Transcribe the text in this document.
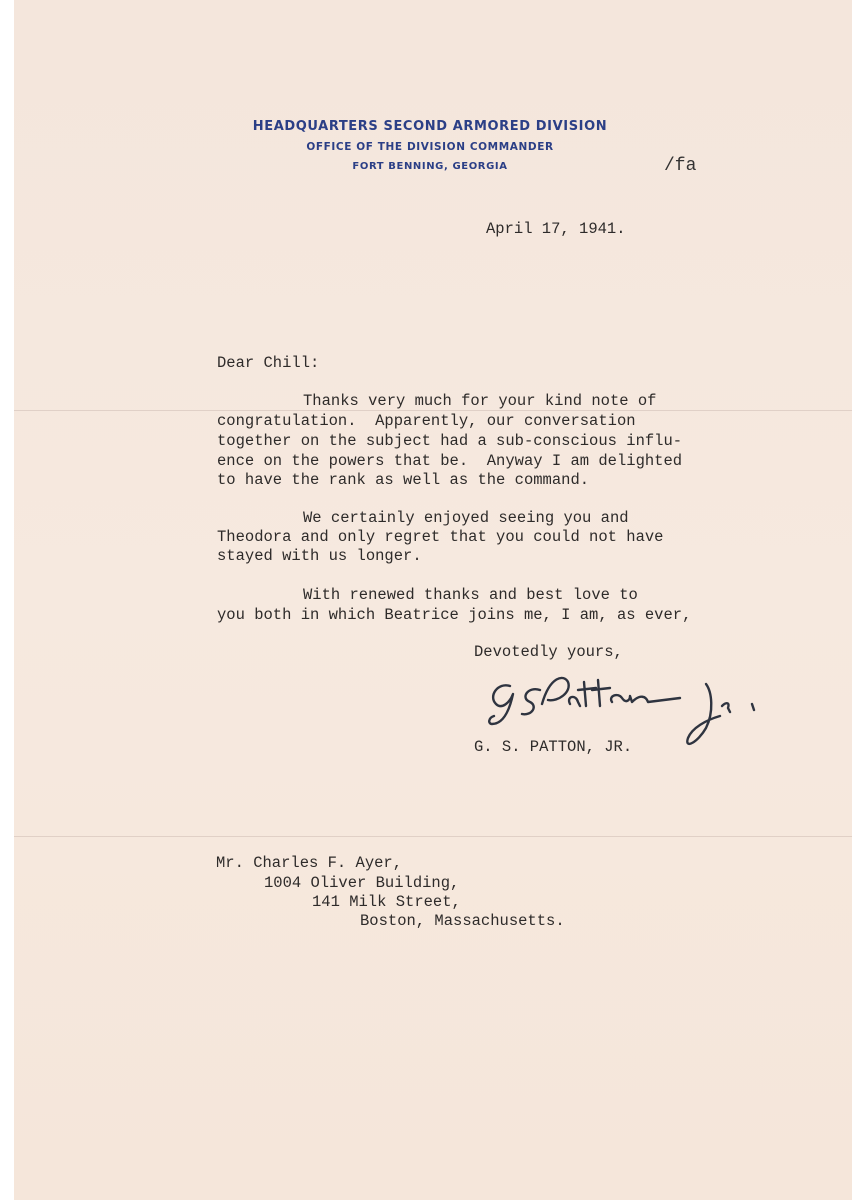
HEADQUARTERS SECOND ARMORED DIVISION
OFFICE OF THE DIVISION COMMANDER
FORT BENNING, GEORGIA	/fa
April 17, 1941.
Dear Chill:
Thanks very much for your kind note of
congratulation.  Apparently, our conversation
together on the subject had a sub-conscious influ-
ence on the powers that be.  Anyway I am delighted
to have the rank as well as the command.
We certainly enjoyed seeing you and
Theodora and only regret that you could not have
stayed with us longer.
With renewed thanks and best love to
you both in which Beatrice joins me, I am, as ever,
Devotedly yours,
G. S. Patton, Jr.
G. S. PATTON, JR.
Mr. Charles F. Ayer,
1004 Oliver Building,
141 Milk Street,
Boston, Massachusetts.
